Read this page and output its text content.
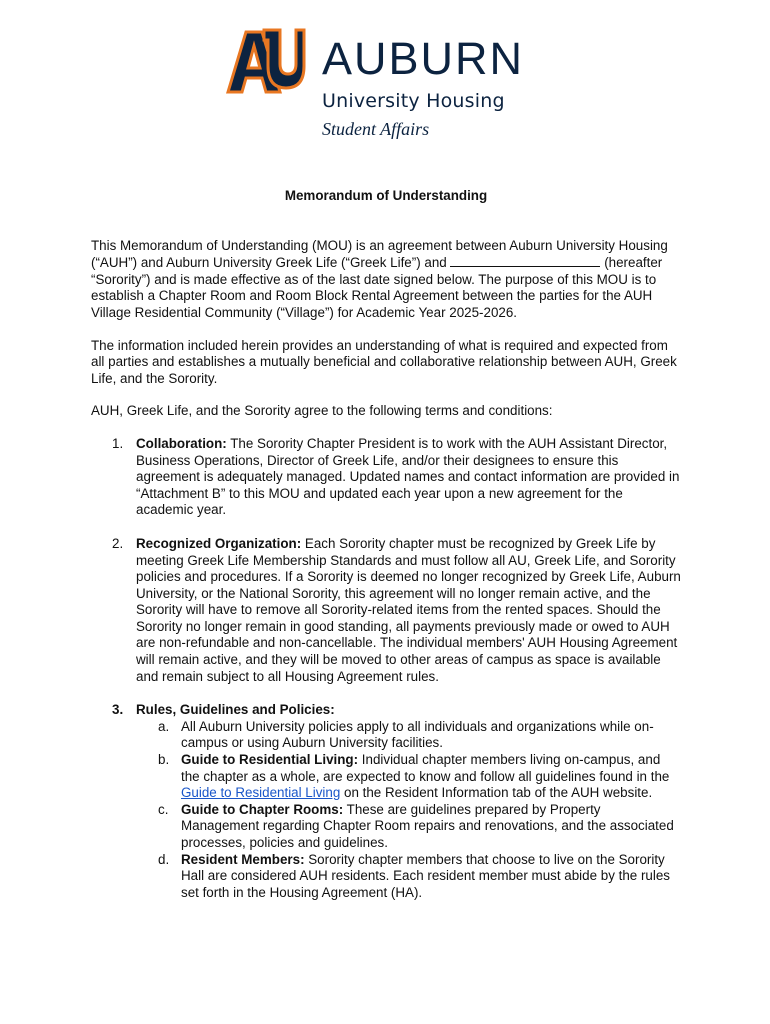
AUBURN
University Housing
Student Affairs
Memorandum of Understanding

This Memorandum of Understanding (MOU) is an agreement between Auburn University Housing (“AUH”) and Auburn University Greek Life (“Greek Life”) and	(hereafter “Sorority”) and is made effective as of the last date signed below. The purpose of this MOU is to establish a Chapter Room and Room Block Rental Agreement between the parties for the AUH Village Residential Community (“Village”) for Academic Year 2025-2026.

The information included herein provides an understanding of what is required and expected from all parties and establishes a mutually beneficial and collaborative relationship between AUH, Greek Life, and the Sorority.

AUH, Greek Life, and the Sorority agree to the following terms and conditions:

1. Collaboration: The Sorority Chapter President is to work with the AUH Assistant Director, Business Operations, Director of Greek Life, and/or their designees to ensure this agreement is adequately managed. Updated names and contact information are provided in “Attachment B” to this MOU and updated each year upon a new agreement for the academic year.
2. Recognized Organization: Each Sorority chapter must be recognized by Greek Life by meeting Greek Life Membership Standards and must follow all AU, Greek Life, and Sorority policies and procedures. If a Sorority is deemed no longer recognized by Greek Life, Auburn University, or the National Sorority, this agreement will no longer remain active, and the Sorority will have to remove all Sorority-related items from the rented spaces. Should the Sorority no longer remain in good standing, all payments previously made or owed to AUH are non-refundable and non-cancellable. The individual members' AUH Housing Agreement will remain active, and they will be moved to other areas of campus as space is available and remain subject to all Housing Agreement rules.
3. Rules, Guidelines and Policies:
a. All Auburn University policies apply to all individuals and organizations while on-campus or using Auburn University facilities.
b. Guide to Residential Living: Individual chapter members living on-campus, and the chapter as a whole, are expected to know and follow all guidelines found in the Guide to Residential Living on the Resident Information tab of the AUH website.
c. Guide to Chapter Rooms: These are guidelines prepared by Property Management regarding Chapter Room repairs and renovations, and the associated processes, policies and guidelines.
d. Resident Members: Sorority chapter members that choose to live on the Sorority Hall are considered AUH residents. Each resident member must abide by the rules set forth in the Housing Agreement (HA).
